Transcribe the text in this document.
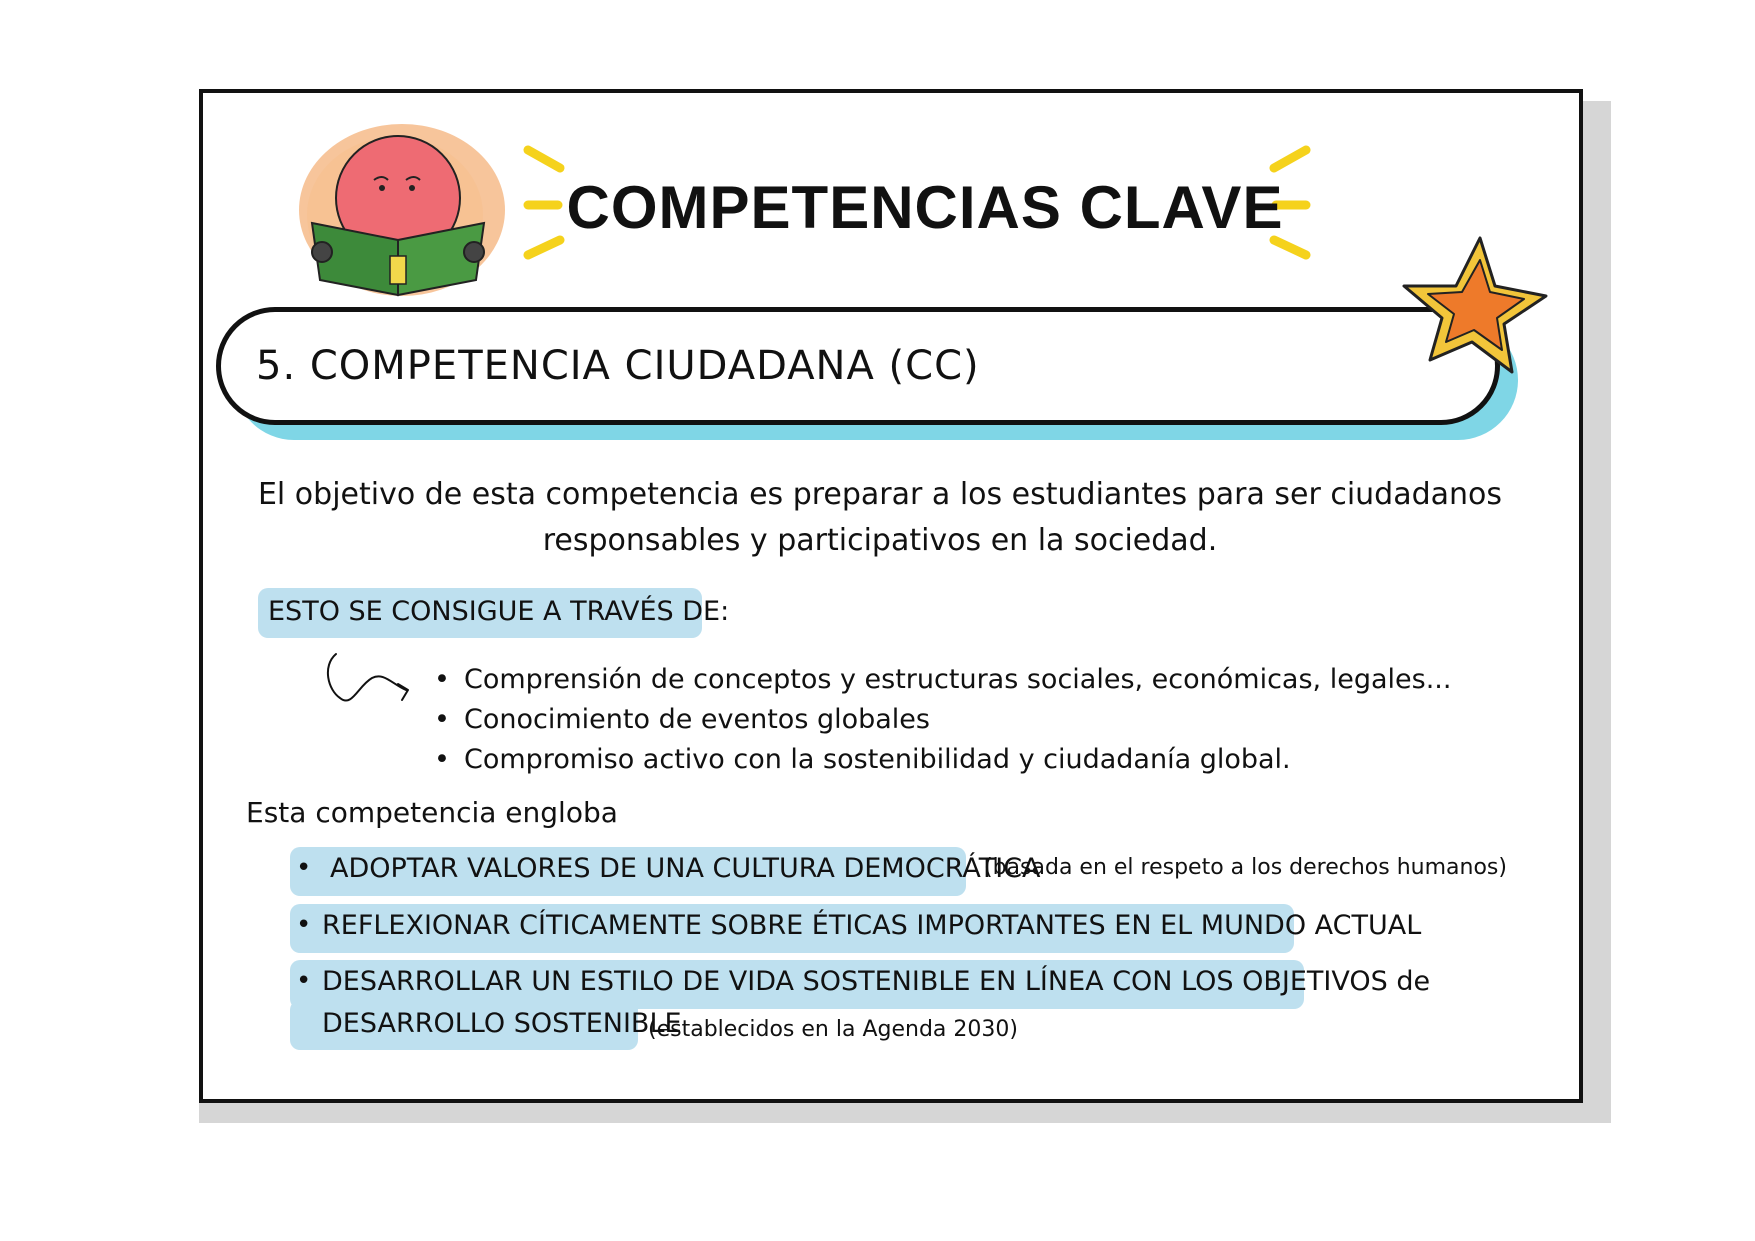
COMPETENCIAS CLAVE
5. COMPETENCIA CIUDADANA (CC)
El objetivo de esta competencia es preparar a los estudiantes para ser ciudadanos
responsables y participativos en la sociedad.
ESTO SE CONSIGUE A TRAVÉS DE:
• Comprensión de conceptos y estructuras sociales, económicas, legales...
• Conocimiento de eventos globales
• Compromiso activo con la sostenibilidad y ciudadanía global.
Esta competencia engloba
• ADOPTAR VALORES DE UNA CULTURA DEMOCRÁTICA
(basada en el respeto a los derechos humanos)
• REFLEXIONAR CÍTICAMENTE SOBRE ÉTICAS IMPORTANTES EN EL MUNDO ACTUAL
• DESARROLLAR UN ESTILO DE VIDA SOSTENIBLE EN LÍNEA CON LOS OBJETIVOS de
DESARROLLO SOSTENIBLE
(establecidos en la Agenda 2030)
